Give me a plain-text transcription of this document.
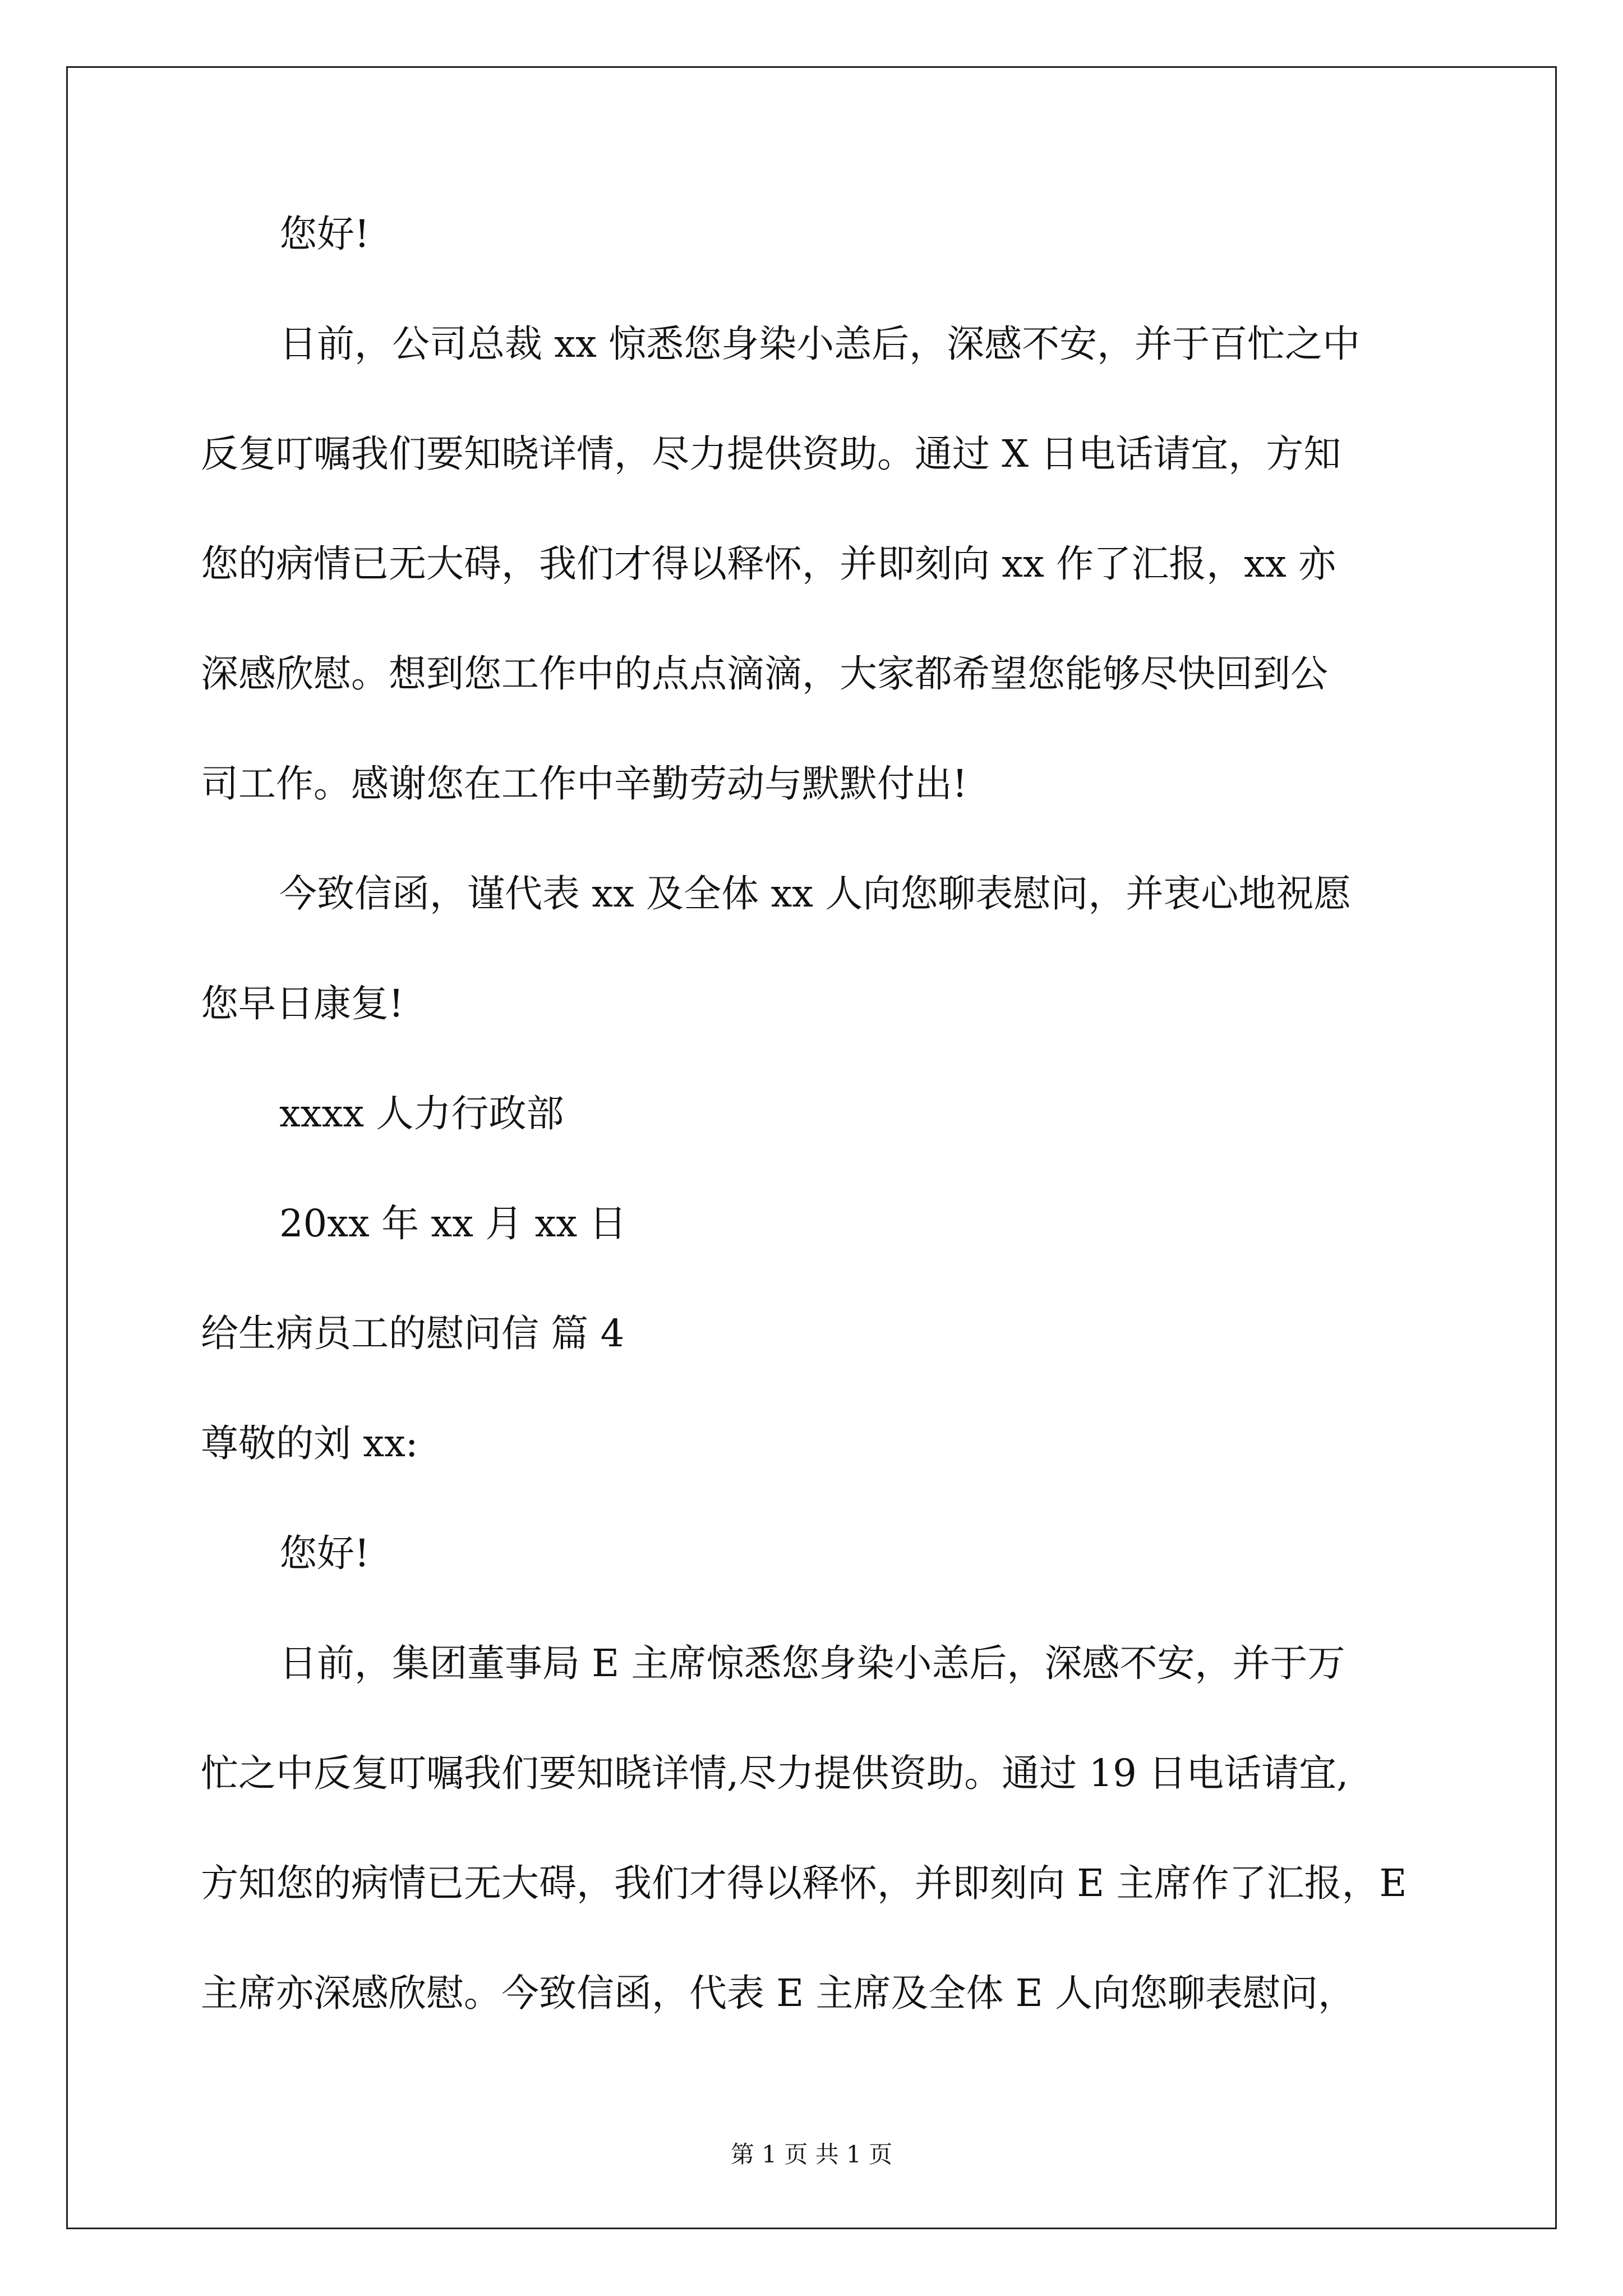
您好!
日前，公司总裁 xx 惊悉您身染小恙后，深感不安，并于百忙之中
反复叮嘱我们要知晓详情，尽力提供资助。通过 X 日电话请宜，方知
您的病情已无大碍，我们才得以释怀，并即刻向 xx 作了汇报，xx 亦
深感欣慰。想到您工作中的点点滴滴，大家都希望您能够尽快回到公
司工作。感谢您在工作中辛勤劳动与默默付出!
今致信函，谨代表 xx 及全体 xx 人向您聊表慰问，并衷心地祝愿
您早日康复!
xxxx 人力行政部
20xx 年 xx 月 xx 日
给生病员工的慰问信 篇 4
尊敬的刘 xx:
您好!
日前，集团董事局 E 主席惊悉您身染小恙后，深感不安，并于万
忙之中反复叮嘱我们要知晓详情,尽力提供资助。通过 19 日电话请宜,
方知您的病情已无大碍，我们才得以释怀，并即刻向 E 主席作了汇报，E
主席亦深感欣慰。今致信函，代表 E 主席及全体 E 人向您聊表慰问，
第 1 页 共 1 页
